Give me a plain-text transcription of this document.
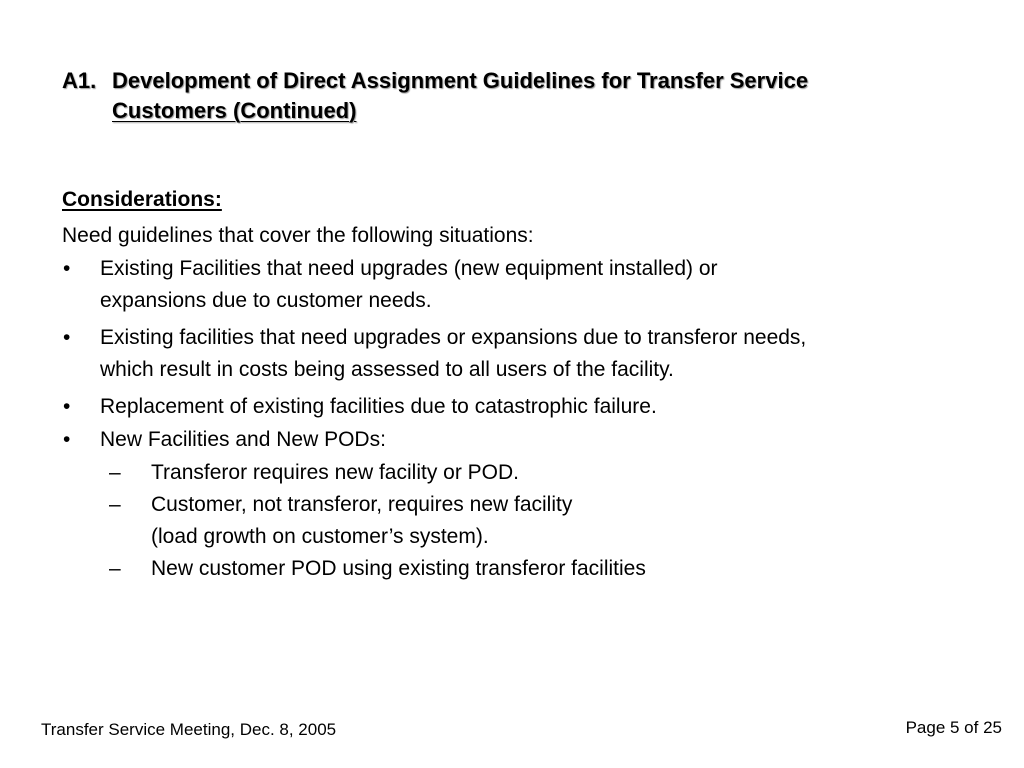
A1. Development of Direct Assignment Guidelines for Transfer Service
Customers (Continued)
Considerations:
Need guidelines that cover the following situations:
•	Existing Facilities that need upgrades (new equipment installed) or
expansions due to customer needs.
•	Existing facilities that need upgrades or expansions due to transferor needs,
which result in costs being assessed to all users of the facility.
•	Replacement of existing facilities due to catastrophic failure.
•	New Facilities and New PODs:
–	Transferor requires new facility or POD.
–	Customer, not transferor, requires new facility
(load growth on customer’s system).
–	New customer POD using existing transferor facilities
Transfer Service Meeting, Dec. 8, 2005	Page 5 of 25
